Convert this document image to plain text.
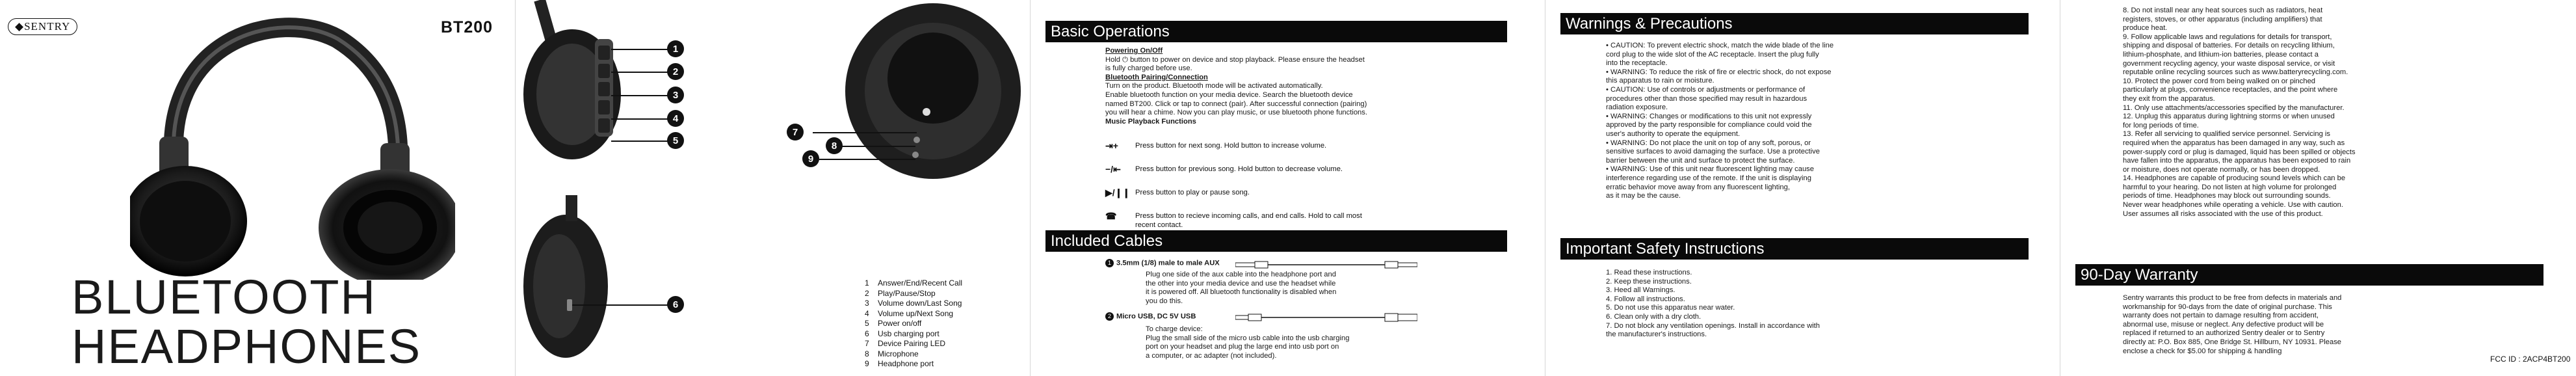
◆SENTRY	BT200
BLUETOOTH
HEADPHONES
1
2
3
4
5
6
7
8
9
1	Answer/End/Recent Call
2	Play/Pause/Stop
3	Volume down/Last Song
4	Volume up/Next Song
5	Power on/off
6	Usb charging port
7	Device Pairing LED
8	Microphone
9	Headphone port
Basic Operations

Powering On/Off

Hold ⏻ button to power on device and stop playback. Please ensure the headset

is fully charged before use.

Bluetooth Pairing/Connection

Turn on the product. Bluetooth mode will be activated automatically.

Enable bluetooth function on your media device. Search the bluetooth device

named BT200. Click or tap to connect (pair). After successful connection (pairing)

you will hear a chime. Now you can play music, or use bluetooth phone functions.

Music Playback Functions

⇥+	Press button for next song. Hold button to increase volume.
−/⇤	Press button for previous song. Hold button to decrease volume.
▶/❙❙ Press button to play or pause song.
☎	Press button to recieve incoming calls, and end calls. Hold to call most
recent contact.
Included Cables

1 3.5mm (1/8) male to male AUX

Plug one side of the aux cable into the headphone port and

the other into your media device and use the headset while

it is powered off. All bluetooth functionality is disabled when

you do this.

2 Micro USB, DC 5V USB

To charge device:

Plug the small side of the micro usb cable into the usb charging

port on your headset and plug the large end into usb port on

a computer, or ac adapter (not included).

Warnings & Precautions

• CAUTION: To prevent electric shock, match the wide blade of the line

cord plug to the wide slot of the AC receptacle. Insert the plug fully

into the receptacle.

• WARNING: To reduce the risk of fire or electric shock, do not expose

this apparatus to rain or moisture.

• CAUTION: Use of controls or adjustments or performance of

procedures other than those specified may result in hazardous

radiation exposure.

• WARNING: Changes or modifications to this unit not expressly

approved by the party responsible for compliance could void the

user's authority to operate the equipment.

• WARNING: Do not place the unit on top of any soft, porous, or

sensitive surfaces to avoid damaging the surface. Use a protective

barrier between the unit and surface to protect the surface.

• WARNING: Use of this unit near fluorescent lighting may cause

interference regarding use of the remote. If the unit is displaying

erratic behavior move away from any fluorescent lighting,

as it may be the cause.

Important Safety Instructions

1. Read these instructions.

2. Keep these instructions.

3. Heed all Warnings.

4. Follow all instructions.

5. Do not use this apparatus near water.

6. Clean only with a dry cloth.

7. Do not block any ventilation openings. Install in accordance with

the manufacturer's instructions.

8. Do not install near any heat sources such as radiators, heat

registers, stoves, or other apparatus (including amplifiers) that

produce heat.

9. Follow applicable laws and regulations for details for transport,

shipping and disposal of batteries. For details on recycling lithium,

lithium-phosphate, and lithium-ion batteries, please contact a

government recycling agency, your waste disposal service, or visit

reputable online recycling sources such as www.batteryrecycling.com.

10. Protect the power cord from being walked on or pinched

particularly at plugs, convenience receptacles, and the point where

they exit from the apparatus.

11. Only use attachments/accessories specified by the manufacturer.

12. Unplug this apparatus during lightning storms or when unused

for long periods of time.

13. Refer all servicing to qualified service personnel. Servicing is

required when the apparatus has been damaged in any way, such as

power-supply cord or plug is damaged, liquid has been spilled or objects

have fallen into the apparatus, the apparatus has been exposed to rain

or moisture, does not operate normally, or has been dropped.

14. Headphones are capable of producing sound levels which can be

harmful to your hearing. Do not listen at high volume for prolonged

periods of time. Headphones may block out surrounding sounds.

Never wear headphones while operating a vehicle. Use with caution.

User assumes all risks associated with the use of this product.

90-Day Warranty

Sentry warrants this product to be free from defects in materials and

workmanship for 90-days from the date of original purchase. This

warranty does not pertain to damage resulting from accident,

abnormal use, misuse or neglect. Any defective product will be

replaced if returned to an authorized Sentry dealer or to Sentry

directly at: P.O. Box 885, One Bridge St. Hillburn, NY 10931. Please

enclose a check for $5.00 for shipping & handling

FCC ID : 2ACP4BT200
